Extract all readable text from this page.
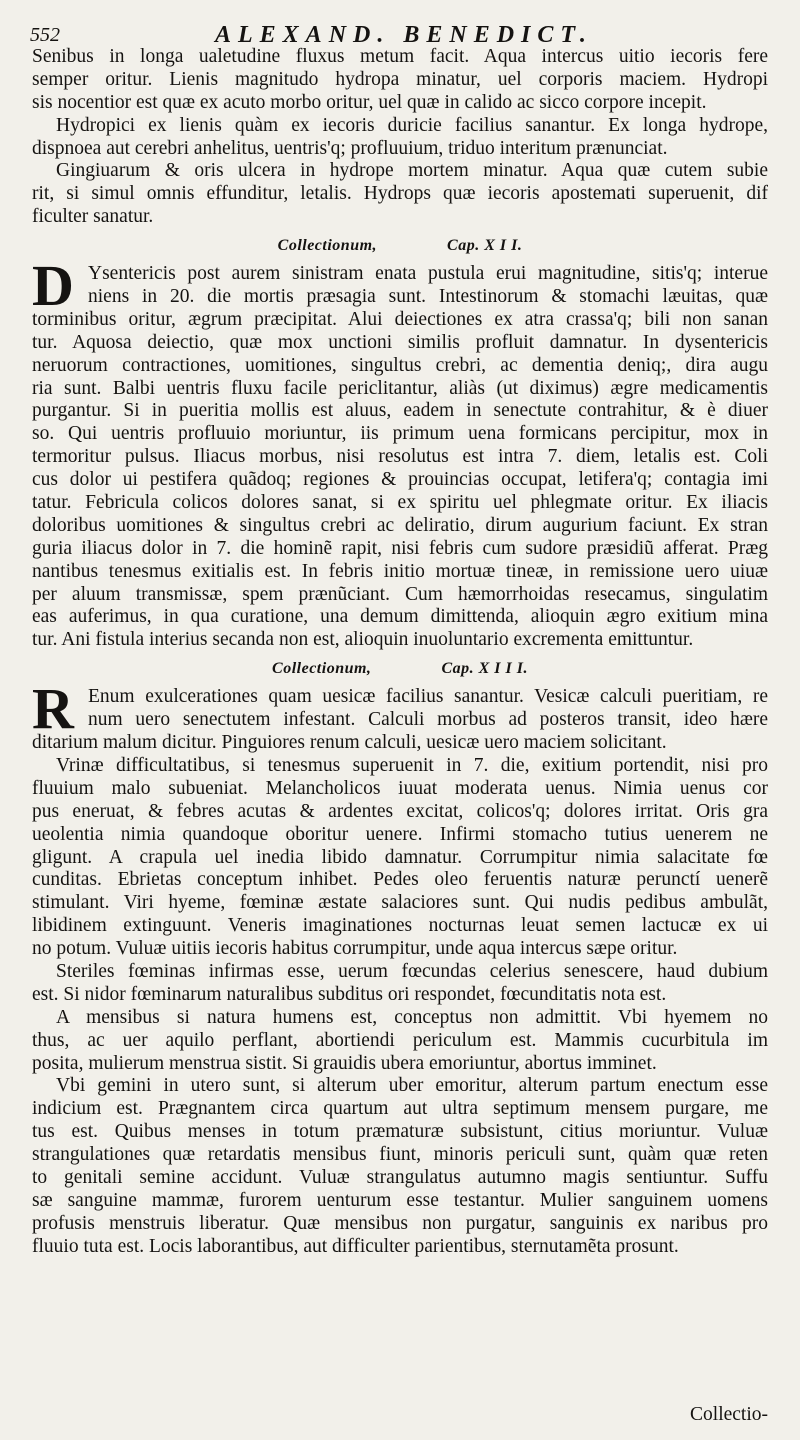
552	ALEXAND. BENEDICT.
Senibus in longa ualetudine fluxus metum facit. Aqua intercus uitio iecoris fere
semper oritur. Lienis magnitudo hydropa minatur, uel corporis maciem. Hydropi
sis nocentior est quæ ex acuto morbo oritur, uel quæ in calido ac sicco corpore incepit.
Hydropici ex lienis quàm ex iecoris duricie facilius sanantur. Ex longa hydrope,
dispnoea aut cerebri anhelitus, uentris'q; profluuium, triduo interitum prænunciat.
Gingiuarum & oris ulcera in hydrope mortem minatur. Aqua quæ cutem subie
rit, si simul omnis effunditur, letalis. Hydrops quæ iecoris apostemati superuenit, dif
ficulter sanatur.
Collectionum,	Cap. X I I.
D Ysentericis post aurem sinistram enata pustula erui magnitudine, sitis'q; interue
niens in 20. die mortis præsagia sunt. Intestinorum & stomachi læuitas, quæ
torminibus oritur, ægrum præcipitat. Alui deiectiones ex atra crassa'q; bili non sanan
tur. Aquosa deiectio, quæ mox unctioni similis profluit damnatur. In dysentericis
neruorum contractiones, uomitiones, singultus crebri, ac dementia deniq;, dira augu
ria sunt. Balbi uentris fluxu facile periclitantur, aliàs (ut diximus) ægre medicamentis
purgantur. Si in pueritia mollis est aluus, eadem in senectute contrahitur, & è diuer
so. Qui uentris profluuio moriuntur, iis primum uena formicans percipitur, mox in
termoritur pulsus. Iliacus morbus, nisi resolutus est intra 7. diem, letalis est. Coli
cus dolor ui pestifera quãdoq; regiones & prouincias occupat, letifera'q; contagia imi
tatur. Febricula colicos dolores sanat, si ex spiritu uel phlegmate oritur. Ex iliacis
doloribus uomitiones & singultus crebri ac deliratio, dirum augurium faciunt. Ex stran
guria iliacus dolor in 7. die hominẽ rapit, nisi febris cum sudore præsidiũ afferat. Præg
nantibus tenesmus exitialis est. In febris initio mortuæ tineæ, in remissione uero uiuæ
per aluum transmissæ, spem prænũciant. Cum hæmorrhoidas resecamus, singulatim
eas auferimus, in qua curatione, una demum dimittenda, alioquin ægro exitium mina
tur. Ani fistula interius secanda non est, alioquin inuoluntario excrementa emittuntur.
Collectionum,	Cap. X I I I.
R Enum exulcerationes quam uesicæ facilius sanantur. Vesicæ calculi pueritiam, re
num uero senectutem infestant. Calculi morbus ad posteros transit, ideo hære
ditarium malum dicitur. Pinguiores renum calculi, uesicæ uero maciem solicitant.
Vrinæ difficultatibus, si tenesmus superuenit in 7. die, exitium portendit, nisi pro
fluuium malo subueniat. Melancholicos iuuat moderata uenus. Nimia uenus cor
pus eneruat, & febres acutas & ardentes excitat, colicos'q; dolores irritat. Oris gra
ueolentia nimia quandoque oboritur uenere. Infirmi stomacho tutius uenerem ne
gligunt. A crapula uel inedia libido damnatur. Corrumpitur nimia salacitate fœ
cunditas. Ebrietas conceptum inhibet. Pedes oleo feruentis naturæ perunctí uenerẽ
stimulant. Viri hyeme, fœminæ æstate salaciores sunt. Qui nudis pedibus ambulãt,
libidinem extinguunt. Veneris imaginationes nocturnas leuat semen lactucæ ex ui
no potum. Vuluæ uitiis iecoris habitus corrumpitur, unde aqua intercus sæpe oritur.
Steriles fœminas infirmas esse, uerum fœcundas celerius senescere, haud dubium
est. Si nidor fœminarum naturalibus subditus ori respondet, fœcunditatis nota est.
A mensibus si natura humens est, conceptus non admittit. Vbi hyemem no
thus, ac uer aquilo perflant, abortiendi periculum est. Mammis cucurbitula im
posita, mulierum menstrua sistit. Si grauidis ubera emoriuntur, abortus imminet.
Vbi gemini in utero sunt, si alterum uber emoritur, alterum partum enectum esse
indicium est. Prægnantem circa quartum aut ultra septimum mensem purgare, me
tus est. Quibus menses in totum præmaturæ subsistunt, citius moriuntur. Vuluæ
strangulationes quæ retardatis mensibus fiunt, minoris periculi sunt, quàm quæ reten
to genitali semine accidunt. Vuluæ strangulatus autumno magis sentiuntur. Suffu
sæ sanguine mammæ, furorem uenturum esse testantur. Mulier sanguinem uomens
profusis menstruis liberatur. Quæ mensibus non purgatur, sanguinis ex naribus pro
fluuio tuta est. Locis laborantibus, aut difficulter parientibus, sternutamẽta prosunt.
Collectio-
